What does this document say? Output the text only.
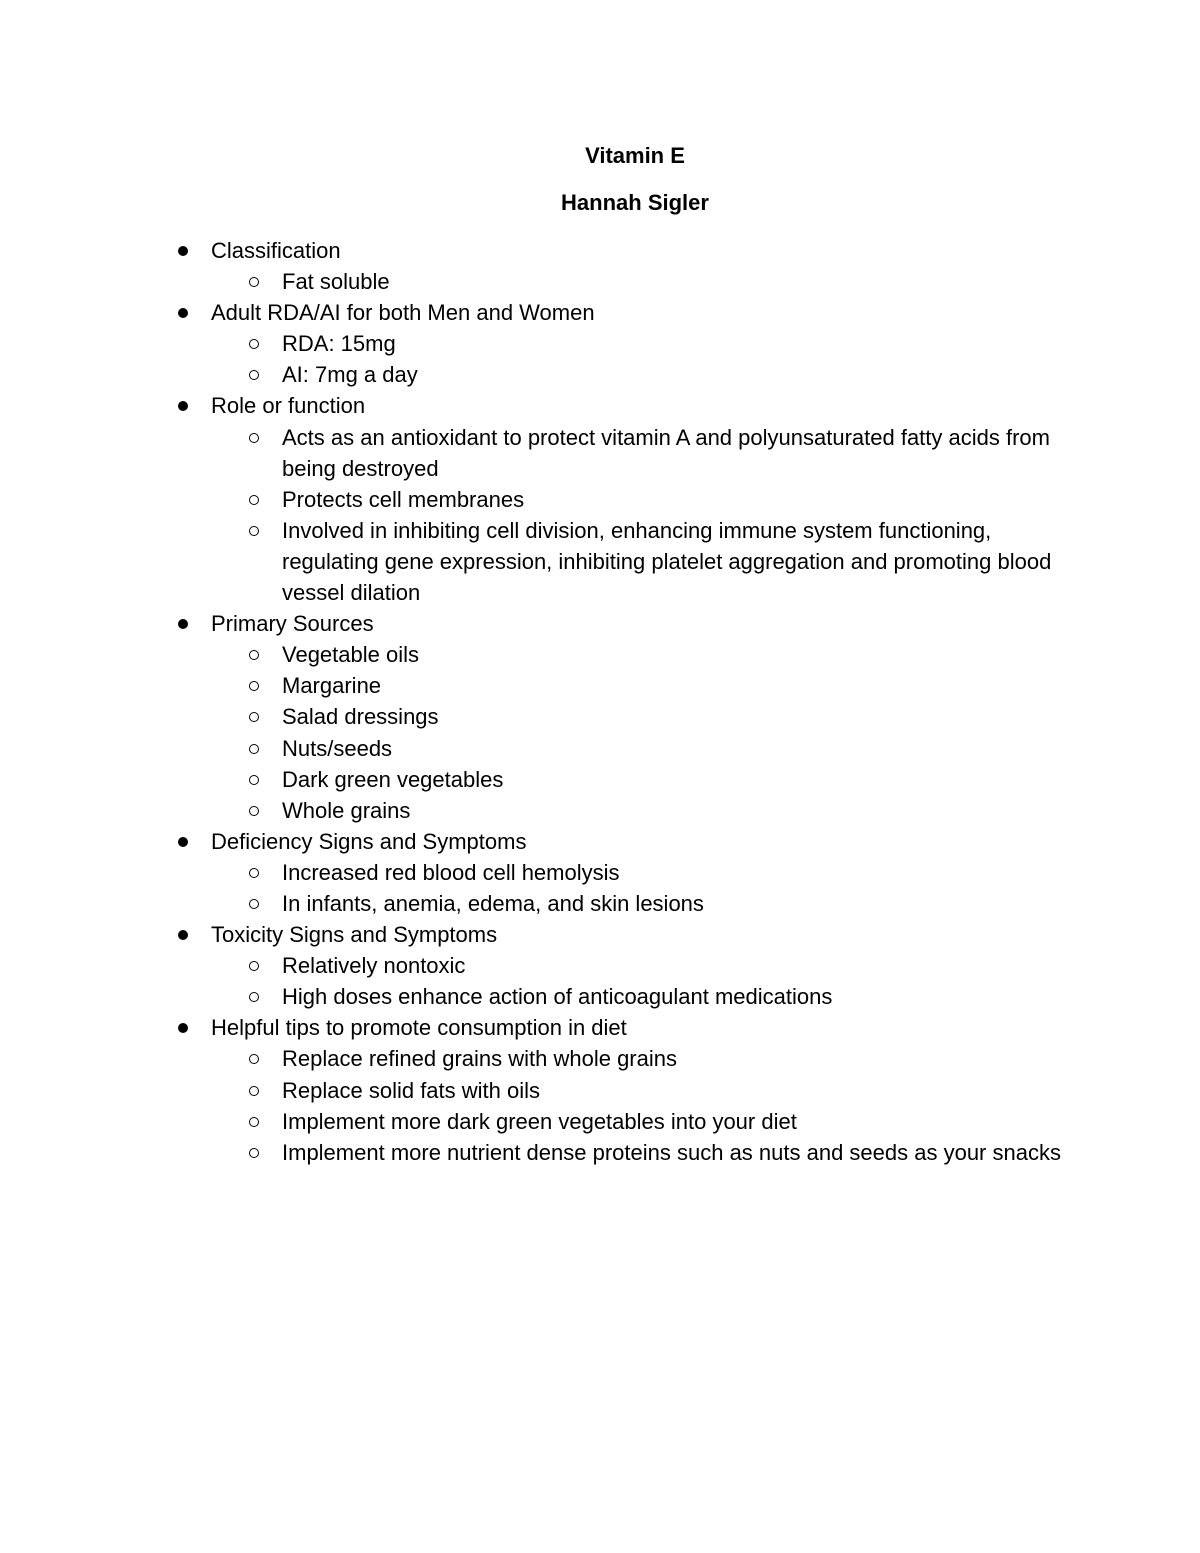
Vitamin E
Hannah Sigler
Classification
Fat soluble
Adult RDA/AI for both Men and Women
RDA: 15mg
AI: 7mg a day
Role or function
Acts as an antioxidant to protect vitamin A and polyunsaturated fatty acids from being destroyed
Protects cell membranes
Involved in inhibiting cell division, enhancing immune system functioning, regulating gene expression, inhibiting platelet aggregation and promoting blood vessel dilation
Primary Sources
Vegetable oils
Margarine
Salad dressings
Nuts/seeds
Dark green vegetables
Whole grains
Deficiency Signs and Symptoms
Increased red blood cell hemolysis
In infants, anemia, edema, and skin lesions
Toxicity Signs and Symptoms
Relatively nontoxic
High doses enhance action of anticoagulant medications
Helpful tips to promote consumption in diet
Replace refined grains with whole grains
Replace solid fats with oils
Implement more dark green vegetables into your diet
Implement more nutrient dense proteins such as nuts and seeds as your snacks
